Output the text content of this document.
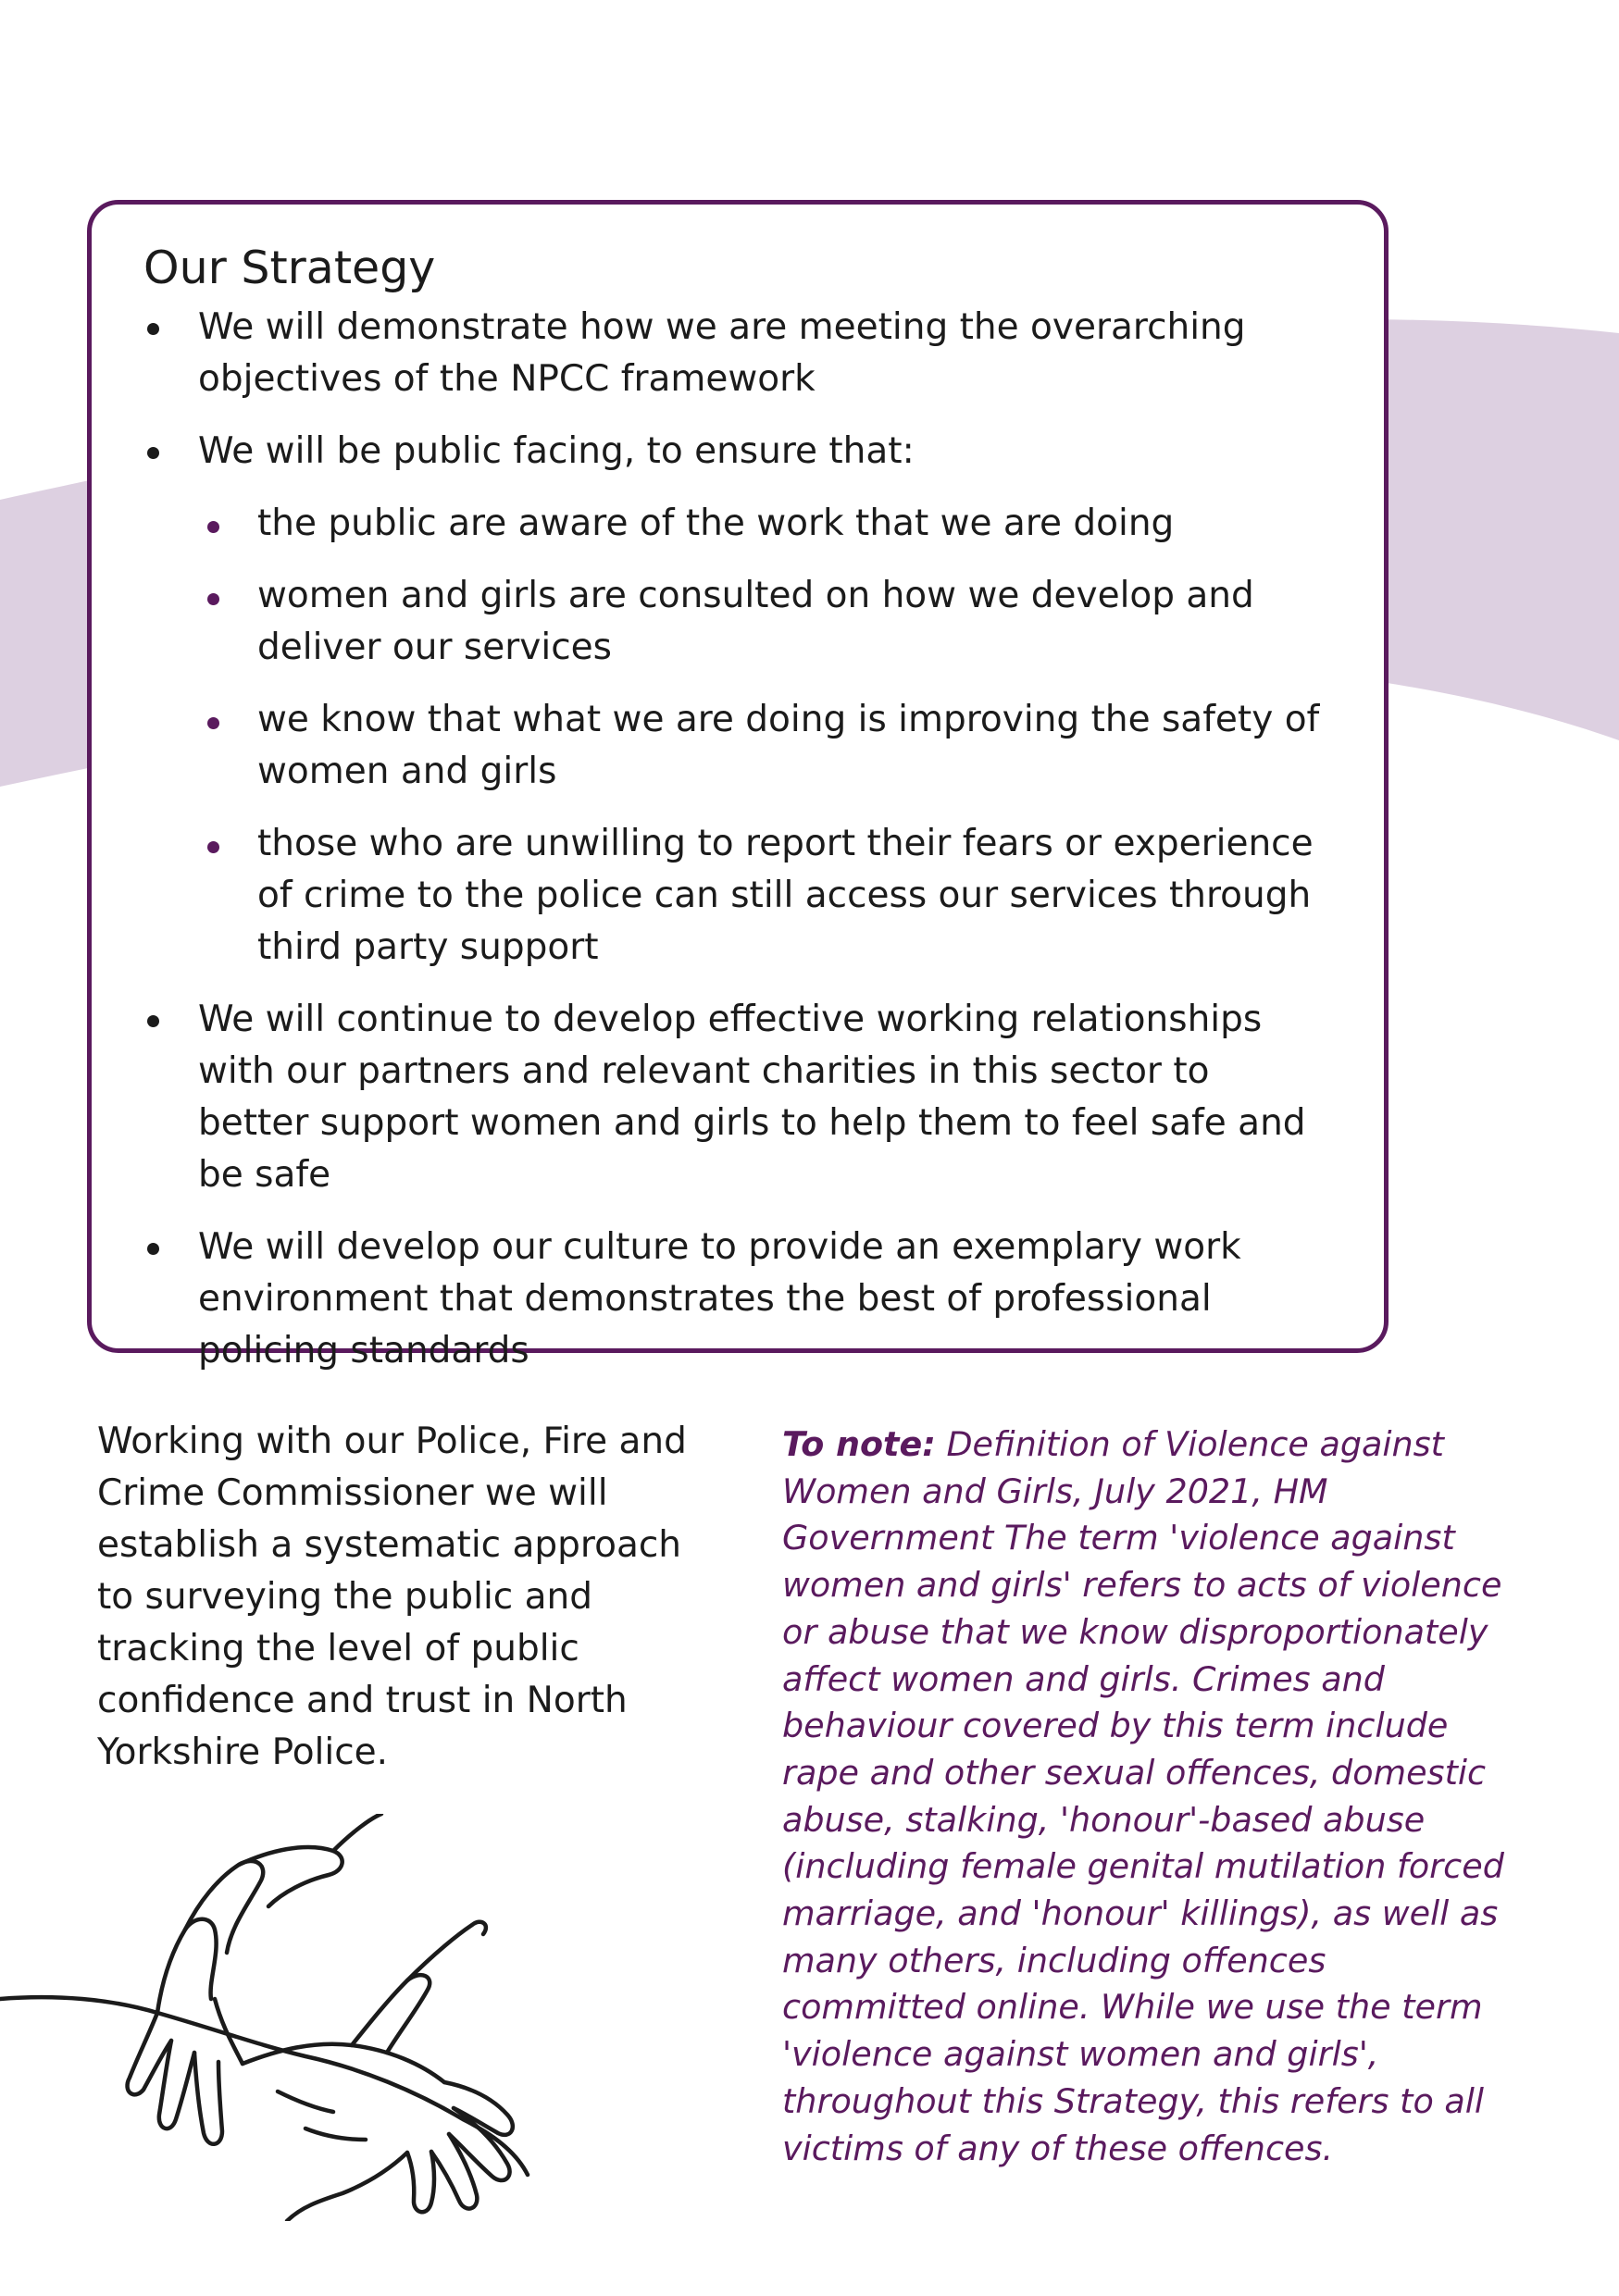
Our Strategy
We will demonstrate how we are meeting the overarching objectives of the NPCC framework
We will be public facing, to ensure that:
the public are aware of the work that we are doing
women and girls are consulted on how we develop and deliver our services
we know that what we are doing is improving the safety of women and girls
those who are unwilling to report their fears or experience of crime to the police can still access our services through third party support
We will continue to develop effective working relationships with our partners and relevant charities in this sector to better support women and girls to help them to feel safe and be safe
We will develop our culture to provide an exemplary work environment that demonstrates the best of professional policing standards

Working with our Police, Fire and Crime Commissioner we will establish a systematic approach to surveying the public and tracking the level of public confidence and trust in North Yorkshire Police.

To note: Definition of Violence against Women and Girls, July 2021, HM Government The term 'violence against women and girls' refers to acts of violence or abuse that we know disproportionately affect women and girls. Crimes and behaviour covered by this term include rape and other sexual offences, domestic abuse, stalking, 'honour'-based abuse (including female genital mutilation forced marriage, and 'honour' killings), as well as many others, including offences committed online. While we use the term 'violence against women and girls', throughout this Strategy, this refers to all victims of any of these offences.
